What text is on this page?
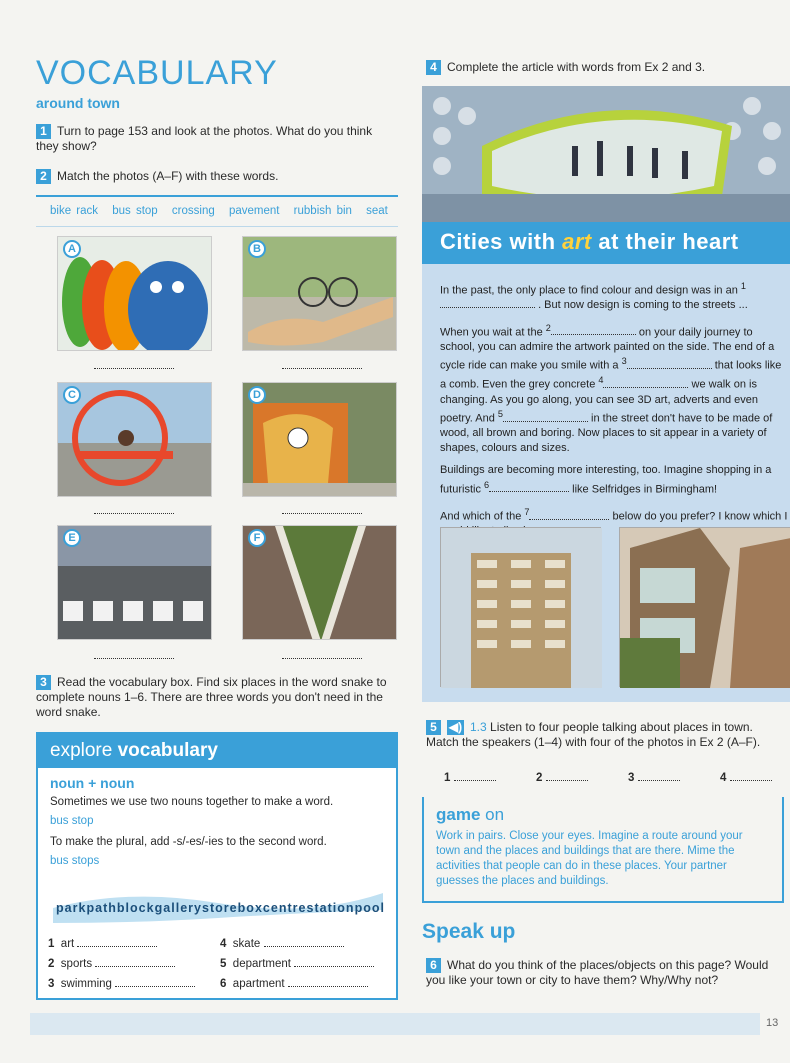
VOCABULARY
around town
1 Turn to page 153 and look at the photos. What do you think they show?
2 Match the photos (A–F) with these words.
bike rack bus stop crossing pavement rubbish bin seat
A	B
C	D
E	F
3 Read the vocabulary box. Find six places in the word snake to complete nouns 1–6. There are three words you don't need in the word snake.
explore vocabulary
noun + noun
Sometimes we use two nouns together to make a word.
bus stop
To make the plural, add -s/-es/-ies to the second word.
bus stops
parkpathblockgallerystoreboxcentrestationpool
1 art
2 sports
3 swimming
4 skate
5 department
6 apartment
4 Complete the article with words from Ex 2 and 3.
Cities with art at their heart

In the past, the only place to find colour and design was in an $^1$ . But now design is coming to the streets ...

When you wait at the $^2$	on your daily journey to school, you can admire the artwork painted on the side. The end of a cycle ride can make you smile with a $^3$	that looks like a comb. Even the grey concrete $^4$	we walk on is changing. As you go along, you can see 3D art, adverts and even poetry. And $^5$	in the street don't have to be made of wood, all brown and boring. Now places to sit appear in a variety of shapes, colours and sizes.

Buildings are becoming more interesting, too. Imagine shopping in a futuristic $^6$	like Selfridges in Birmingham!

And which of the $^7$	below do you prefer? I know which I

5 ◀) 1.3 Listen to four people talking about places in town. Match the speakers (1–4) with four of the photos in Ex 2 (A–F).
1	2	3	4
game on
Work in pairs. Close your eyes. Imagine a route around your town and the places and buildings that are there. Mime the activities that people can do in these places. Your partner guesses the places and buildings.
Speak up
6 What do you think of the places/objects on this page? Would you like your town or city to have them? Why/Why not?
13
